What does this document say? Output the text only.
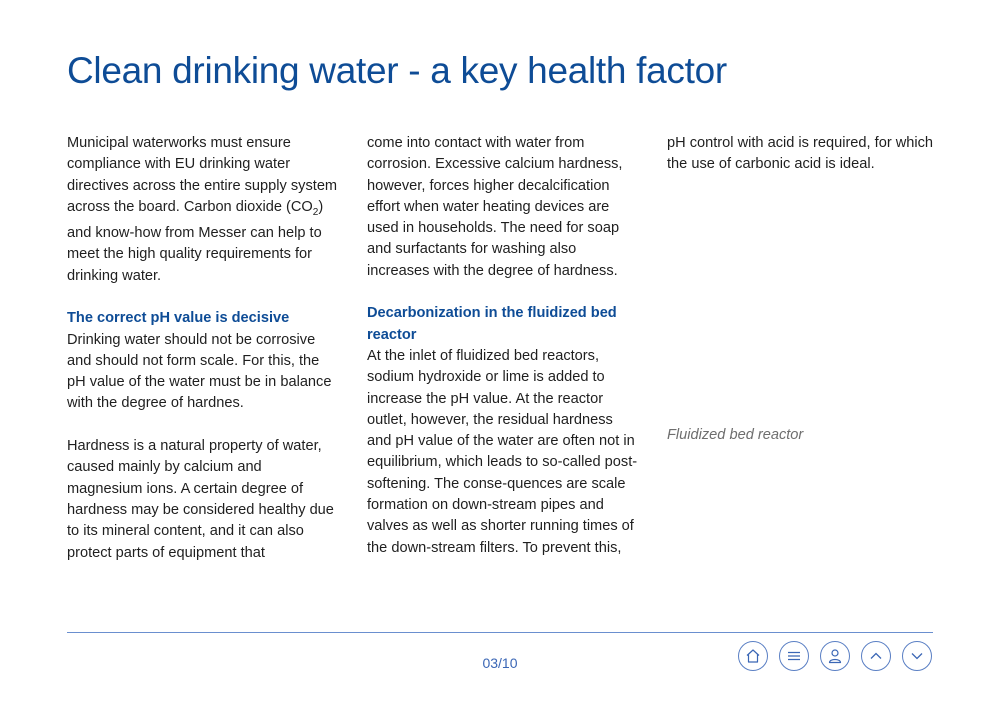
Clean drinking water - a key health factor

Municipal waterworks must ensure compliance with EU drinking water directives across the entire supply system across the board. Carbon dioxide $(CO_2)$ and know-how from Messer can help to meet the high quality requirements for drinking water.

The correct pH value is decisive

Drinking water should not be corrosive and should not form scale. For this, the pH value of the water must be in balance with the degree of hardnes.

Hardness is a natural property of water, caused mainly by calcium and magnesium ions. A certain degree of hardness may be considered healthy due to its mineral content, and it can also protect parts of equipment that

come into contact with water from corrosion. Excessive calcium hardness, however, forces higher decalcification effort when water heating devices are used in households. The need for soap and surfactants for washing also increases with the degree of hardness.

Decarbonization in the fluidized bed reactor

At the inlet of fluidized bed reactors, sodium hydroxide or lime is added to increase the pH value. At the reactor outlet, however, the residual hardness and pH value of the water are often not in equilibrium, which leads to so-called post-softening. The conse-quences are scale formation on down-stream pipes and valves as well as shorter running times of the down-stream filters. To prevent this,

pH control with acid is required, for which the use of carbonic acid is ideal.

Fluidized bed reactor
03/10
